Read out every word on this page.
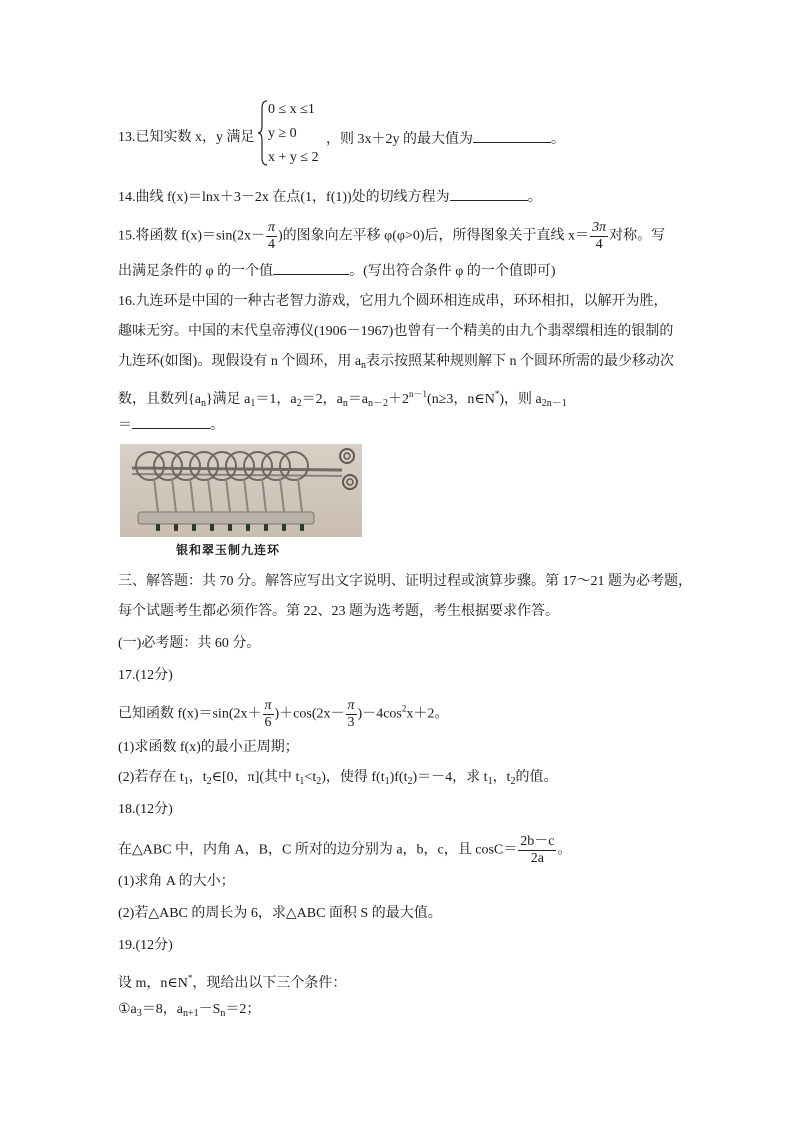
13.已知实数 x，y 满足
0 ≤ x ≤1
y ≥ 0
x + y ≤ 2
，则 3x＋2y 的最大值为	。
14.曲线 f(x)＝lnx＋3－2x 在点(1，f(1))处的切线方程为	。
15.将函数 $f(x)=\sin(2x- \frac{\pi}{4}$ )的图象向左平移 φ(φ>0)后，所得图象关于直线 $x= \frac{3\pi}{4}$ 对称。写
出满足条件的 φ 的一个值	。(写出符合条件 φ 的一个值即可)
16.九连环是中国的一种古老智力游戏，它用九个圆环相连成串，环环相扣，以解开为胜，
趣味无穷。中国的末代皇帝溥仪(1906－1967)也曾有一个精美的由九个翡翠缳相连的银制的
九连环(如图)。现假设有 n 个圆环，用 $a_n$表示按照某种规则解下 n 个圆环所需的最少移动次
数，且数列$\{a_n\}$满足 $a_1=1$，$a_2=2$，$a_n=a_{n-2}+2^{n-1}(n\ge 3$，n∈N*)，则 $a_{2n-1}$
＝	。
银和翠玉制九连环
三、解答题：共 70 分。解答应写出文字说明、证明过程或演算步骤。第 17～21 题为必考题，
每个试题考生都必须作答。第 22、23 题为选考题，考生根据要求作答。
(一)必考题：共 60 分。
17.(12分)
已知函数 $f(x)=\sin(2x+ \frac{\pi}{6} )+\cos(2x- \frac{\pi}{3} )-4\cos^2x+2$。
(1)求函数 f(x)的最小正周期；
(2)若存在 $t_1$，$t_2\in[0$，π](其中 $t_1<t_2$)，使得 $f(t_1)f(t_2)=-4$，求 $t_1$，$t_2$的值。
18.(12分)
在△ABC 中，内角 A，B，C 所对的边分别为 a，b，c，且 $\cos C= \frac{2b-c}{2a}$ 。
(1)求角 A 的大小；
(2)若△ABC 的周长为 6，求△ABC 面积 S 的最大值。
19.(12分)
设 m，n∈N*，现给出以下三个条件：
$①a_3=8$，$a_{n+1}-S_n=2$；
